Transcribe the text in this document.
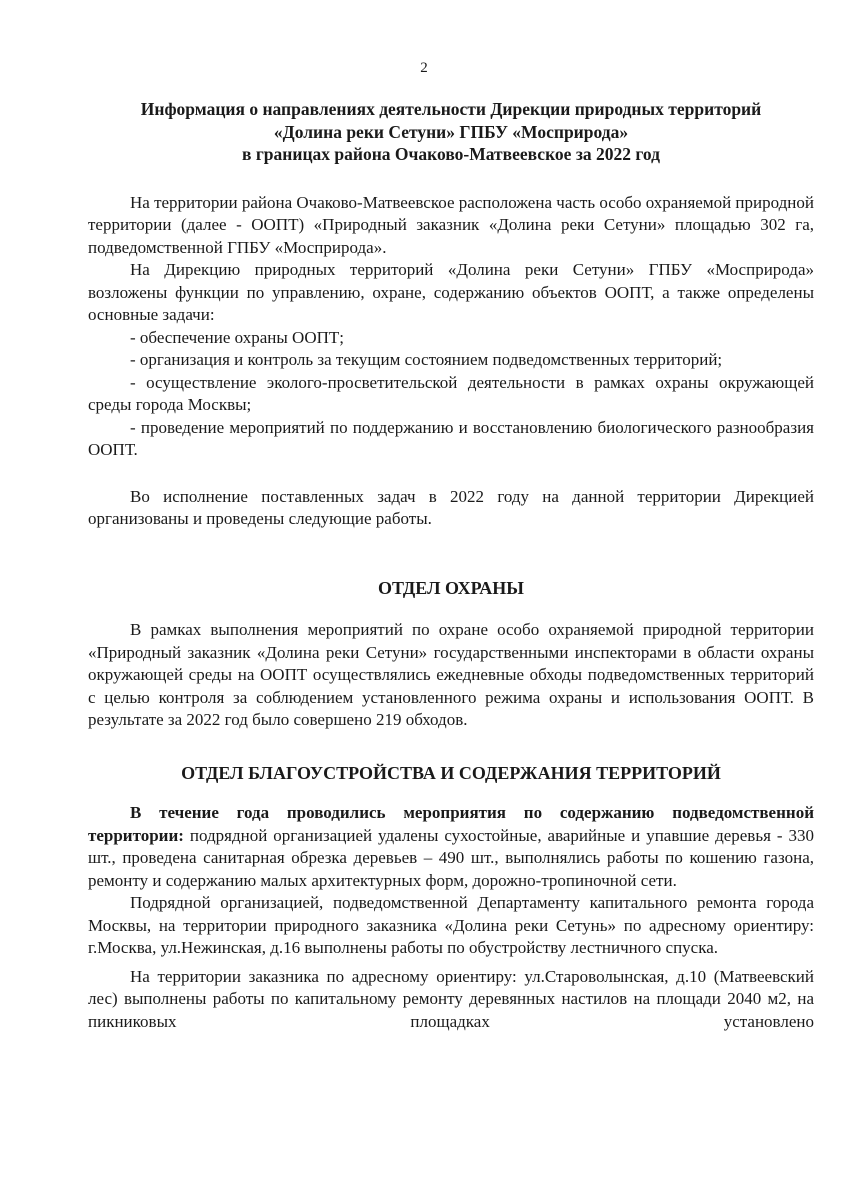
2
Информация о направлениях деятельности Дирекции природных территорий
«Долина реки Сетуни» ГПБУ «Мосприрода»
в границах района Очаково-Матвеевское за 2022 год

На территории района Очаково-Матвеевское расположена часть особо охраняемой природной территории (далее - ООПТ) «Природный заказник «Долина реки Сетуни» площадью 302 га, подведомственной ГПБУ «Мосприрода».

На Дирекцию природных территорий «Долина реки Сетуни» ГПБУ «Мосприрода» возложены функции по управлению, охране, содержанию объектов ООПТ, а также определены основные задачи:

- обеспечение охраны ООПТ;
- организация и контроль за текущим состоянием подведомственных территорий;
- осуществление эколого-просветительской деятельности в рамках охраны окружающей среды города Москвы;
- проведение мероприятий по поддержанию и восстановлению биологического разнообразия ООПТ.

Во исполнение поставленных задач в 2022 году на данной территории Дирекцией организованы и проведены следующие работы.

ОТДЕЛ ОХРАНЫ

В рамках выполнения мероприятий по охране особо охраняемой природной территории «Природный заказник «Долина реки Сетуни» государственными инспекторами в области охраны окружающей среды на ООПТ осуществлялись ежедневные обходы подведомственных территорий с целью контроля за соблюдением установленного режима охраны и использования ООПТ. В результате за 2022 год было совершено 219 обходов.

ОТДЕЛ БЛАГОУСТРОЙСТВА И СОДЕРЖАНИЯ ТЕРРИТОРИЙ

В течение года проводились мероприятия по содержанию подведомственной территории: подрядной организацией удалены сухостойные, аварийные и упавшие деревья - 330 шт., проведена санитарная обрезка деревьев – 490 шт., выполнялись работы по кошению газона, ремонту и содержанию малых архитектурных форм, дорожно-тропиночной сети.

Подрядной организацией, подведомственной Департаменту капитального ремонта города Москвы, на территории природного заказника «Долина реки Сетунь» по адресному ориентиру: г.Москва, ул.Нежинская, д.16 выполнены работы по обустройству лестничного спуска.

На территории заказника по адресному ориентиру: ул.Староволынская, д.10 (Матвеевский лес) выполнены работы по капитальному ремонту деревянных настилов на площади 2040 м2, на пикниковых площадках установлено
